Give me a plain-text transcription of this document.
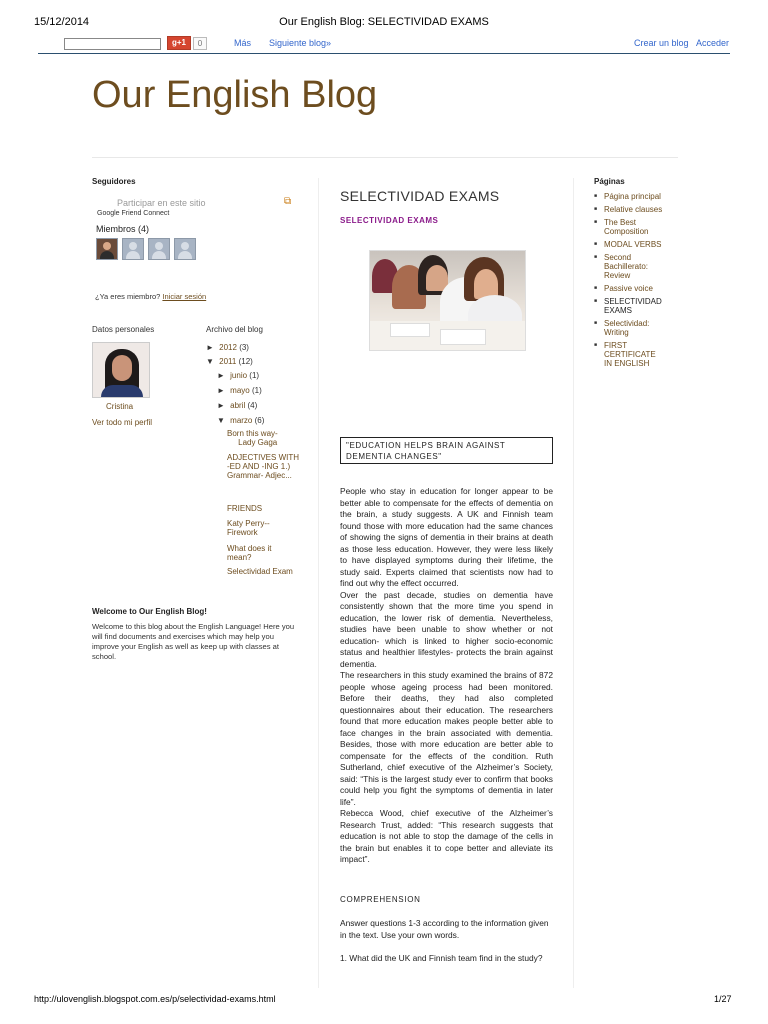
15/12/2014	Our English Blog: SELECTIVIDAD EXAMS
g+1	0	Más Siguiente blog»	Crear un blog Acceder
Our English Blog
Seguidores
Participar en este sitio	⧉
Google Friend Connect
Miembros (4)
¿Ya eres miembro? Iniciar sesión
Datos personales
Cristina
Ver todo mi perfil
Archivo del blog
► 2012 (3)
▼ 2011 (12)
► junio (1)
► mayo (1)
► abril (4)
▼ marzo (6)
Born this way-     Lady Gaga
ADJECTIVES WITH -ED AND -ING 1.) Grammar- Adjec...
FRIENDS
Katy Perry-- Firework
What does it mean?
Selectividad Exam
Welcome to Our English Blog!
Welcome to this blog about the English Language! Here you will find documents and exercises which may help you improve your English as well as keep up with classes at school.
SELECTIVIDAD EXAMS
SELECTIVIDAD EXAMS
"EDUCATION HELPS BRAIN AGAINST DEMENTIA CHANGES"

People who stay in education for longer appear to be better able to compensate for the effects of dementia on the brain, a study suggests. A UK and Finnish team found those with more education had the same chances of showing the signs of dementia in their brains at death as those less education. However, they were less likely to have displayed symptoms during their lifetime, the study said. Experts claimed that scientists now had to find out why the effect occurred.

Over the past decade, studies on dementia have consistently shown that the more time you spend in education, the lower risk of dementia. Nevertheless, studies have been unable to show whether or not education- which is linked to higher socio-economic status and healthier lifestyles- protects the brain against dementia.

The researchers in this study examined the brains of 872 people whose ageing process had been monitored. Before their deaths, they had also completed questionnaires about their education. The researchers found that more education makes people better able to face changes in the brain associated with dementia. Besides, those with more education are better able to compensate for the effects of the condition. Ruth Sutherland, chief executive of the Alzheimer’s Society, said: “This is the largest study ever to confirm that books could help you fight the symptoms of dementia in later life”.

Rebecca Wood, chief executive of the Alzheimer’s Research Trust, added: “This research suggests that education is not able to stop the damage of the cells in the brain but enables it to cope better and alleviate its impact”.

COMPREHENSION
Answer questions 1-3 according to the information given in the text. Use your own words.
1. What did the UK and Finnish team find in the study?
Páginas
■ Página principal
■ Relative clauses
■ The Best Composition
■ MODAL VERBS
■ Second Bachillerato: Review
■ Passive voice
■ SELECTIVIDAD EXAMS
■ Selectividad: Writing
■ FIRST CERTIFICATE IN ENGLISH
http://ulovenglish.blogspot.com.es/p/selectividad-exams.html	1/27
